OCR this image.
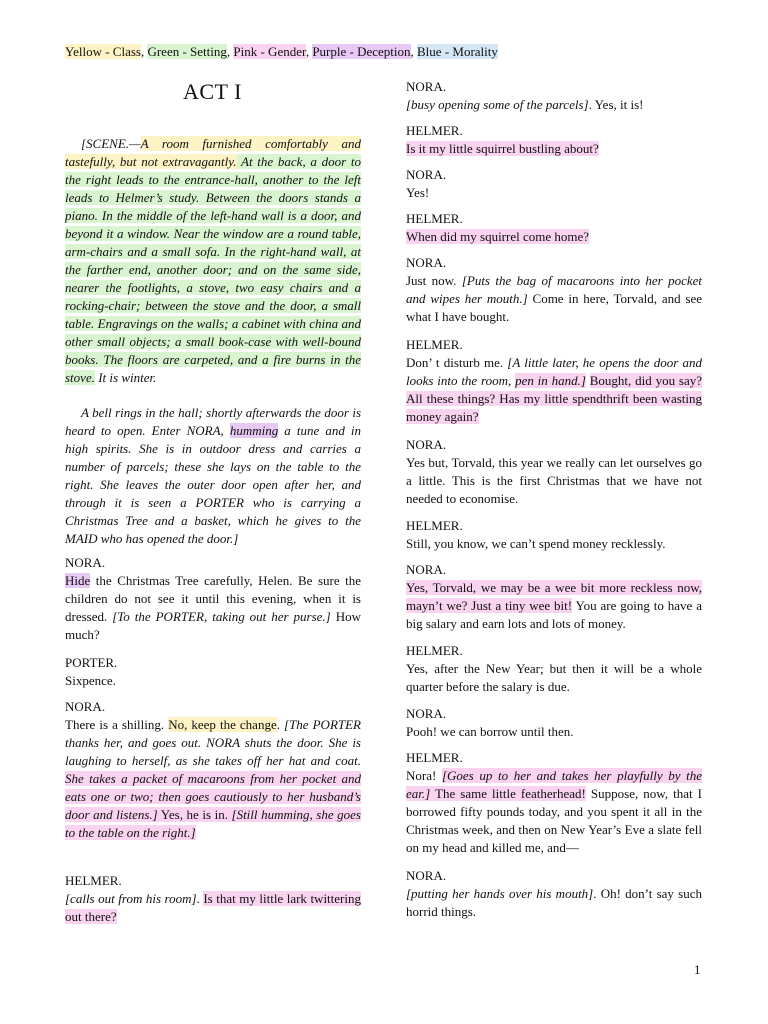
Yellow - Class, Green - Setting, Pink - Gender, Purple - Deception, Blue - Morality
ACT I

[SCENE.—A room furnished comfortably and tastefully, but not extravagantly. At the back, a door to the right leads to the entrance-hall, another to the left leads to Helmer’s study. Between the doors stands a piano. In the middle of the left-hand wall is a door, and beyond it a window. Near the window are a round table, arm-chairs and a small sofa. In the right-hand wall, at the farther end, another door; and on the same side, nearer the footlights, a stove, two easy chairs and a rocking-chair; between the stove and the door, a small table. Engravings on the walls; a cabinet with china and other small objects; a small book-case with well-bound books. The floors are carpeted, and a fire burns in the stove. It is winter.

A bell rings in the hall; shortly afterwards the door is heard to open. Enter NORA, humming a tune and in high spirits. She is in outdoor dress and carries a number of parcels; these she lays on the table to the right. She leaves the outer door open after her, and through it is seen a PORTER who is carrying a Christmas Tree and a basket, which he gives to the MAID who has opened the door.]

NORA.

Hide the Christmas Tree carefully, Helen. Be sure the children do not see it until this evening, when it is dressed. [To the PORTER, taking out her purse.] How much?

PORTER.

Sixpence.

NORA.

There is a shilling. No, keep the change. [The PORTER thanks her, and goes out. NORA shuts the door. She is laughing to herself, as she takes off her hat and coat. She takes a packet of macaroons from her pocket and eats one or two; then goes cautiously to her husband’s door and listens.] Yes, he is in. [Still humming, she goes to the table on the right.]

HELMER.

[calls out from his room]. Is that my little lark twittering out there?

NORA.

[busy opening some of the parcels]. Yes, it is!

HELMER.

Is it my little squirrel bustling about?

NORA.

Yes!

HELMER.

When did my squirrel come home?

NORA.

Just now. [Puts the bag of macaroons into her pocket and wipes her mouth.] Come in here, Torvald, and see what I have bought.

HELMER.

Don’ t disturb me. [A little later, he opens the door and looks into the room, pen in hand.] Bought, did you say? All these things? Has my little spendthrift been wasting money again?

NORA.

Yes but, Torvald, this year we really can let ourselves go a little. This is the first Christmas that we have not needed to economise.

HELMER.

Still, you know, we can’t spend money recklessly.

NORA.

Yes, Torvald, we may be a wee bit more reckless now, mayn’t we? Just a tiny wee bit! You are going to have a big salary and earn lots and lots of money.

HELMER.

Yes, after the New Year; but then it will be a whole quarter before the salary is due.

NORA.

Pooh! we can borrow until then.

HELMER.

Nora! [Goes up to her and takes her playfully by the ear.] The same little featherhead! Suppose, now, that I borrowed fifty pounds today, and you spent it all in the Christmas week, and then on New Year’s Eve a slate fell on my head and killed me, and—

NORA.

[putting her hands over his mouth]. Oh! don’t say such horrid things.

1
